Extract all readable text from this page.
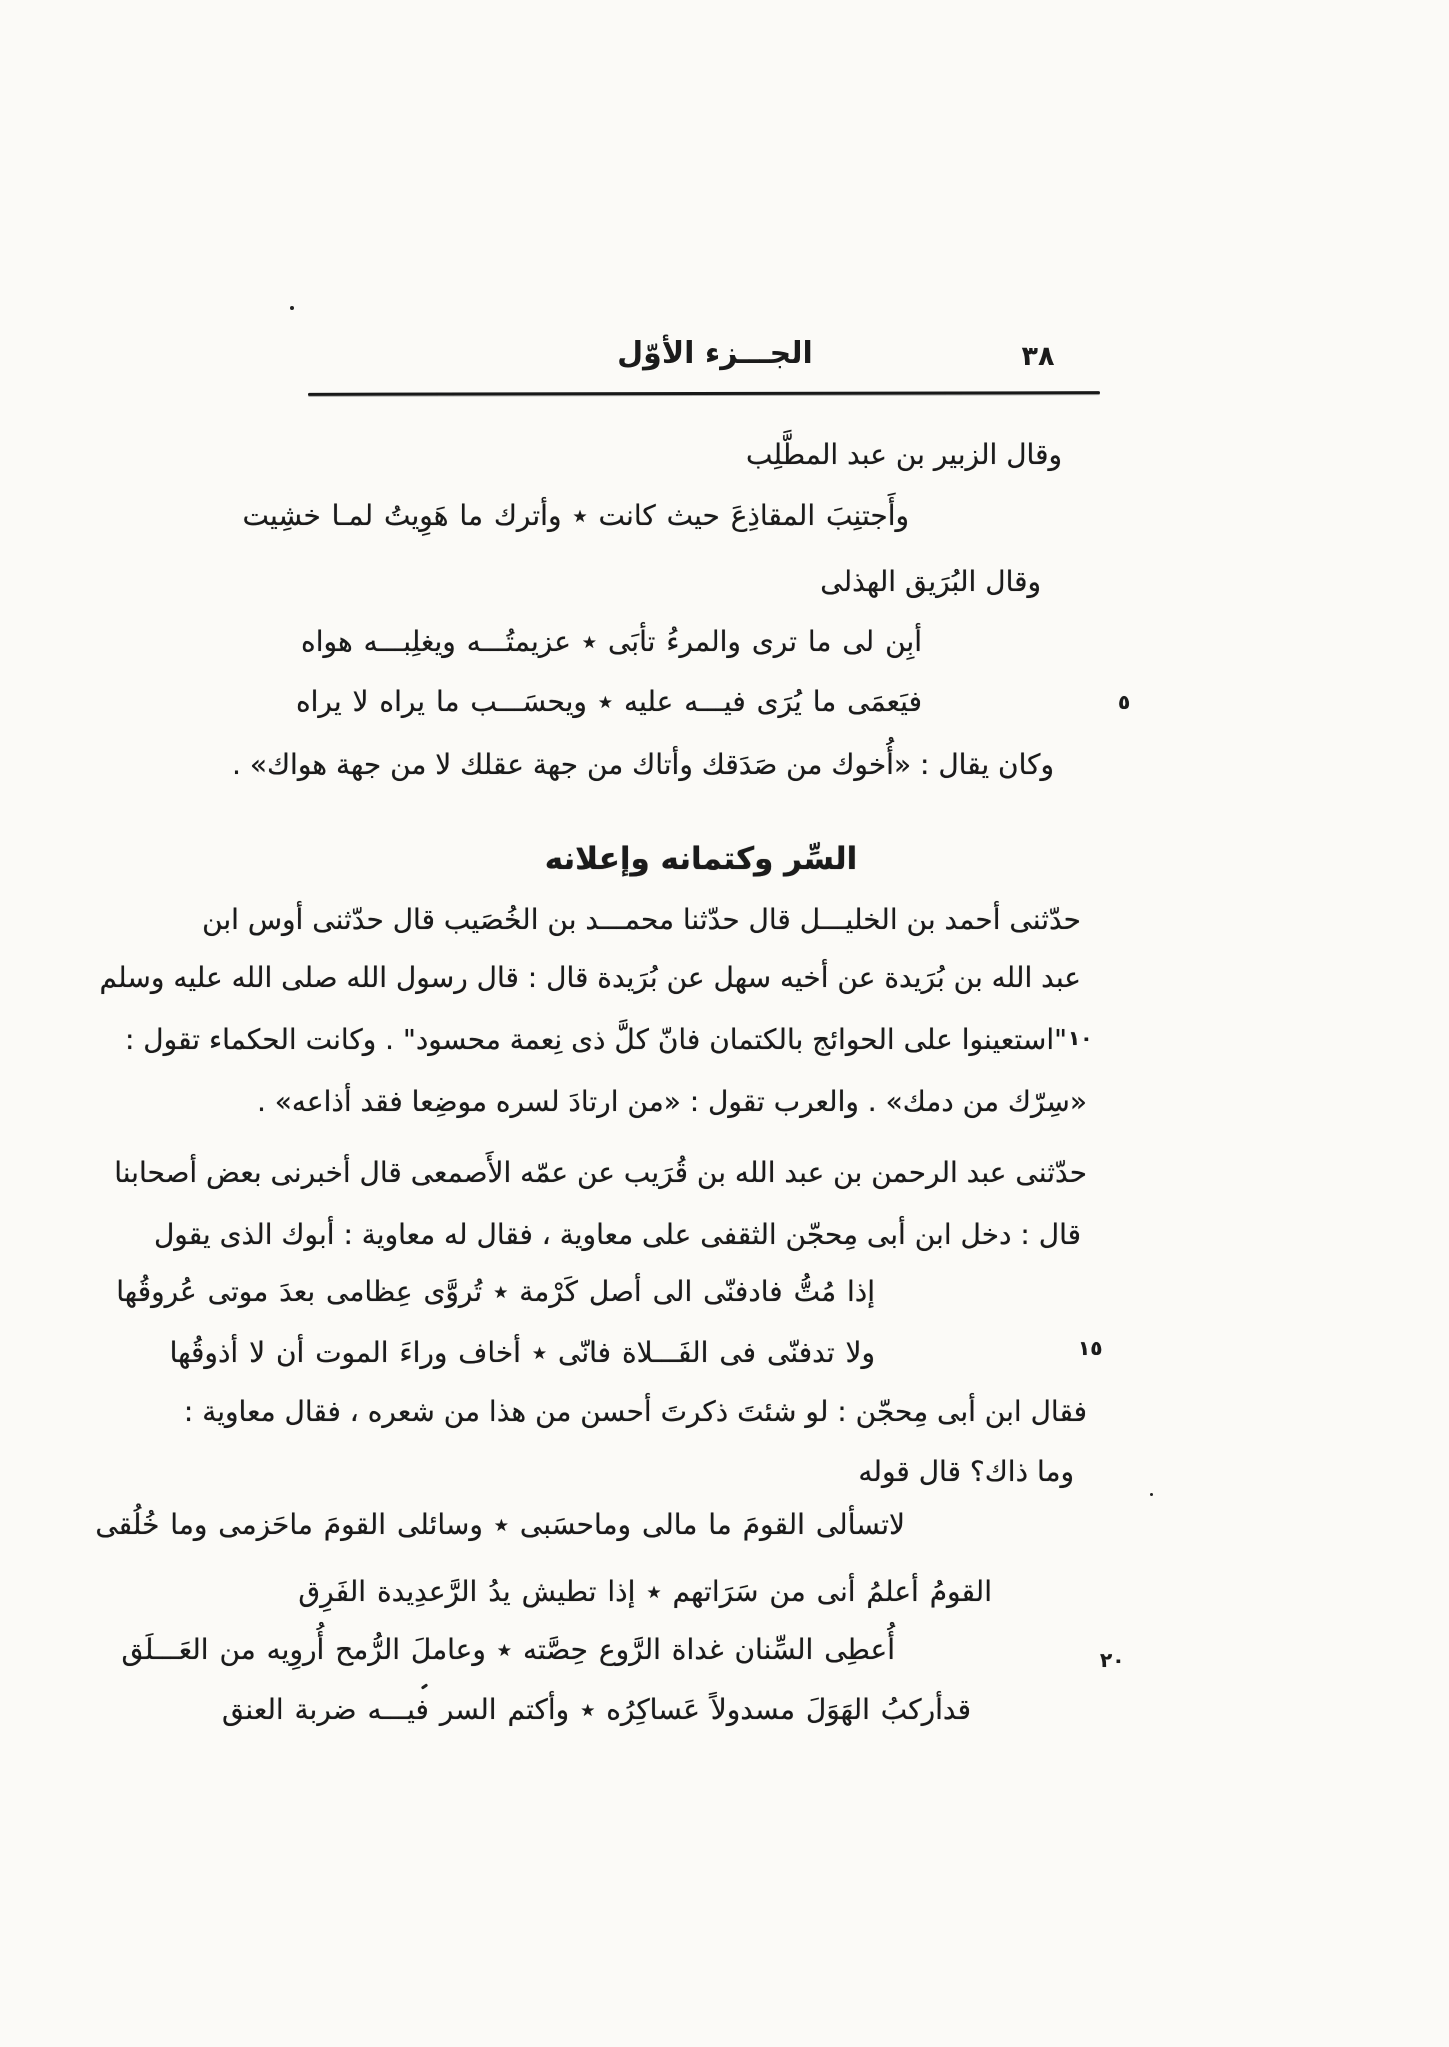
الجـــزء الأوّل	٣٨
وقال الزبير بن عبد المطَّلِب
وأَجتنِبَ المقاذِعَ حيث كانت ٭ وأترك ما هَوِيتُ لمـا خشِيت
وقال البُرَيق الهذلى
أبِن لى ما ترى والمرءُ تأبَى ٭ عزيمتُـــه ويغلِبـــه هواه
فيَعمَى ما يُرَى فيـــه عليه ٭ ويحسَـــب ما يراه لا يراه
وكان يقال : «أُخوك من صَدَقك وأتاك من جهة عقلك لا من جهة هواك» .
السِّر وكتمانه وإعلانه
حدّثنى أحمد بن الخليـــل قال حدّثنا محمـــد بن الخُصَيب قال حدّثنى أوس ابن
عبد الله بن بُرَيدة عن أخيه سهل عن بُرَيدة قال : قال رسول الله صلى الله عليه وسلم
"استعينوا على الحوائج بالكتمان فانّ كلَّ ذى نِعمة محسود" . وكانت الحكماء تقول :
«سِرّك من دمك» . والعرب تقول : «من ارتادَ لسره موضِعا فقد أذاعه» .
حدّثنى عبد الرحمن بن عبد الله بن قُرَيب عن عمّه الأَصمعى قال أخبرنى بعض أصحابنا
قال : دخل ابن أبى مِحجّن الثقفى على معاوية ، فقال له معاوية : أبوك الذى يقول
إذا مُتُّ فادفنّى الى أصل كَرْمة ٭ تُروَّى عِظامى بعدَ موتى عُروقُها
ولا تدفنّى فى الفَـــلاة فانّى ٭ أخاف وراءَ الموت أن لا أذوقُها
فقال ابن أبى مِحجّن : لو شئتَ ذكرتَ أحسن من هذا من شعره ، فقال معاوية :
وما ذاك؟ قال قوله
لاتسألى القومَ ما مالى وماحسَبى ٭ وسائلى القومَ ماحَزمى وما خُلُقى
القومُ أعلمُ أنى من سَرَاتهم ٭ إذا تطيش يدُ الرَّعدِيدة الفَرِق
أُعطِى السِّنان غداة الرَّوع حِصَّته ٭ وعاملَ الرُّمح أُروِيه من العَـــلَق
قدأركبُ الهَوَلَ مسدولاً عَساكِرُه ٭ وأكتم السر فيـــه ضربة العنق
٥
١٠
١٥
٢٠
